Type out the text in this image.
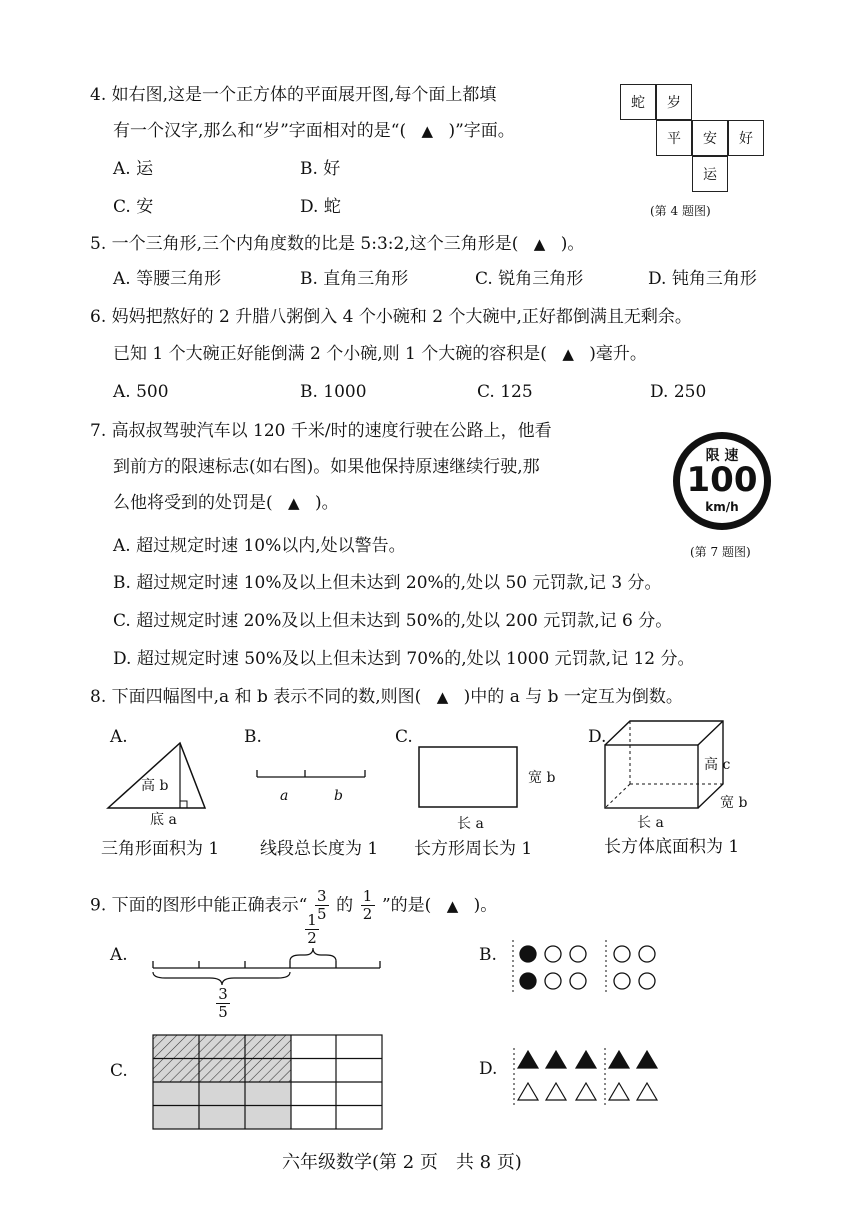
4. 如右图,这是一个正方体的平面展开图,每个面上都填
有一个汉字,那么和“岁”字面相对的是“( ▲ )”字面。
A. 运	B. 好
C. 安	D. 蛇
蛇	岁
平	安	好
运
(第 4 题图)
5. 一个三角形,三个内角度数的比是 5:3:2,这个三角形是( ▲ )。
A. 等腰三角形	B. 直角三角形	C. 锐角三角形	D. 钝角三角形
6. 妈妈把熬好的 2 升腊八粥倒入 4 个小碗和 2 个大碗中,正好都倒满且无剩余。
已知 1 个大碗正好能倒满 2 个小碗,则 1 个大碗的容积是( ▲ )毫升。
A. 500	B. 1000	C. 125	D. 250
7. 高叔叔驾驶汽车以 120 千米/时的速度行驶在公路上，他看
到前方的限速标志(如右图)。如果他保持原速继续行驶,那
么他将受到的处罚是( ▲ )。
A. 超过规定时速 10%以内,处以警告。
B. 超过规定时速 10%及以上但未达到 20%的,处以 50 元罚款,记 3 分。
C. 超过规定时速 20%及以上但未达到 50%的,处以 200 元罚款,记 6 分。
D. 超过规定时速 50%及以上但未达到 70%的,处以 1000 元罚款,记 12 分。
限 速
100
km/h
(第 7 题图)
8. 下面四幅图中,a 和 b 表示不同的数,则图( ▲ )中的 a 与 b 一定互为倒数。
A.
高 b
底 a
三角形面积为 1
B.
a	b
线段总长度为 1
C.
宽 b
长 a
长方形周长为 1
D.
高 c
宽 b
长 a
长方体底面积为 1
9. 下面的图形中能正确表示“ $\frac{3}{5}$ 的 $\frac{1}{2}$ ”的是( ▲ )。
A.
1
2
3
5
B.
C.	D.
六年级数学(第 2 页　共 8 页)
